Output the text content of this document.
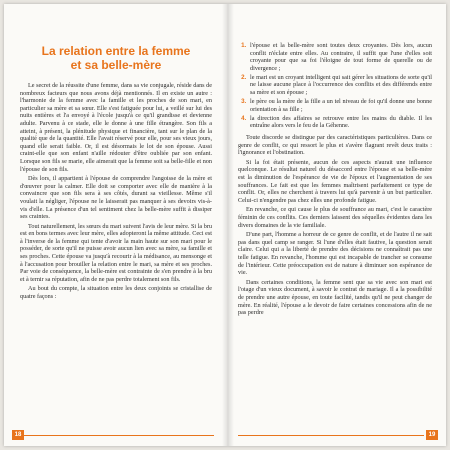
La relation entre la femme
et sa belle-mère

Le secret de la réussite d'une femme, dans sa vie conjugale, réside dans de nombreux facteurs que nous avons déjà mentionnés. Il en existe un autre : l'harmonie de la femme avec la famille et les proches de son mari, en particulier sa mère et sa sœur. Elle s'est fatiguée pour lui, a veillé sur lui des nuits entières et l'a envoyé à l'école jusqu'à ce qu'il grandisse et devienne adulte. Parvenu à ce stade, elle le donne à une fille étrangère. Son fils a atteint, à présent, la plénitude physique et financière, tant sur le plan de la qualité que de la quantité. Elle l'avait réservé pour elle, pour ses vieux jours, quand elle serait faible. Or, il est désormais le lot de son épouse. Aussi craint-elle que son enfant n'aille rédouter d'être oubliée par son enfant. Lorsque son fils se marie, elle aimerait que la femme soit sa belle-fille et non l'épouse de son fils.

Dès lors, il appartient à l'épouse de comprendre l'angoisse de la mère et d'œuvrer pour la calmer. Elle doit se comporter avec elle de manière à la convaincre que son fils sera à ses côtés, durant sa vieillesse. Même s'il voulait la négliger, l'épouse ne le laisserait pas manquer à ses devoirs vis-à-vis d'elle. La présence d'un tel sentiment chez la belle-mère suffit à dissiper ses craintes.

Tout naturellement, les sœurs du mari suivent l'avis de leur mère. Si la bru est en bons termes avec leur mère, elles adopteront la même attitude. Ceci est à l'inverse de la femme qui tente d'avoir la main haute sur son mari pour le posséder, de sorte qu'il ne puisse avoir aucun lien avec sa mère, sa famille et ses proches. Cette épouse va jusqu'à recourir à la médisance, au mensonge et à l'accusation pour brouiller la relation entre le mari, sa mère et ses proches. Par voie de conséquence, la belle-mère est contrainte de s'en prendre à la bru et à ternir sa réputation, afin de ne pas perdre totalement son fils.

Au bout du compte, la situation entre les deux conjoints se cristallise de quatre façons :

1. l'épouse et la belle-mère sont toutes deux croyantes. Dès lors, aucun conflit n'éclate entre elles. Au contraire, il suffit que l'une d'elles soit croyante pour que sa foi l'éloigne de tout forme de querelle ou de divergence ;
2. le mari est un croyant intelligent qui sait gérer les situations de sorte qu'il ne laisse aucune place à l'occurrence des conflits et des différends entre sa mère et son épouse ;
3. le père ou la mère de la fille a un tel niveau de foi qu'il donne une bonne orientation à sa fille ;
4. la direction des affaires se retrouve entre les mains du diable. Il les entraîne alors vers le feu de la Géhenne.

Toute discorde se distingue par des caractéristiques particulières. Dans ce genre de conflit, ce qui ressort le plus et s'avère flagrant revêt deux traits : l'ignorance et l'obstination.

Si la foi était présente, aucun de ces aspects n'aurait une influence quelconque. Le résultat naturel du désaccord entre l'épouse et sa belle-mère est la diminution de l'espérance de vie de l'époux et l'augmentation de ses souffrances. Le fait est que les femmes maîtrisent parfaitement ce type de conflit. Or, elles ne cherchent à travers lui qu'à parvenir à un but particulier. Celui-ci n'engendre pas chez elles une profonde fatigue.

En revanche, ce qui cause le plus de souffrance au mari, c'est le caractère féminin de ces conflits. Ces derniers laissent des séquelles évidentes dans les divers domaines de la vie familiale.

D'une part, l'homme a horreur de ce genre de conflit, et de l'autre il ne sait pas dans quel camp se ranger. Si l'une d'elles était fautive, la question serait claire. Celui qui a la liberté de prendre des décisions ne connaîtrait pas une telle fatigue. En revanche, l'homme qui est incapable de trancher se consume de l'intérieur. Cette préoccupation est de nature à diminuer son espérance de vie.

Dans certaines conditions, la femme sent que sa vie avec son mari est l'otage d'un vieux document, à savoir le contrat de mariage. Il a la possibilité de prendre une autre épouse, en toute facilité, tandis qu'il ne peut changer de mère. En réalité, l'épouse a le devoir de faire certaines concessions afin de ne pas perdre

18	19
